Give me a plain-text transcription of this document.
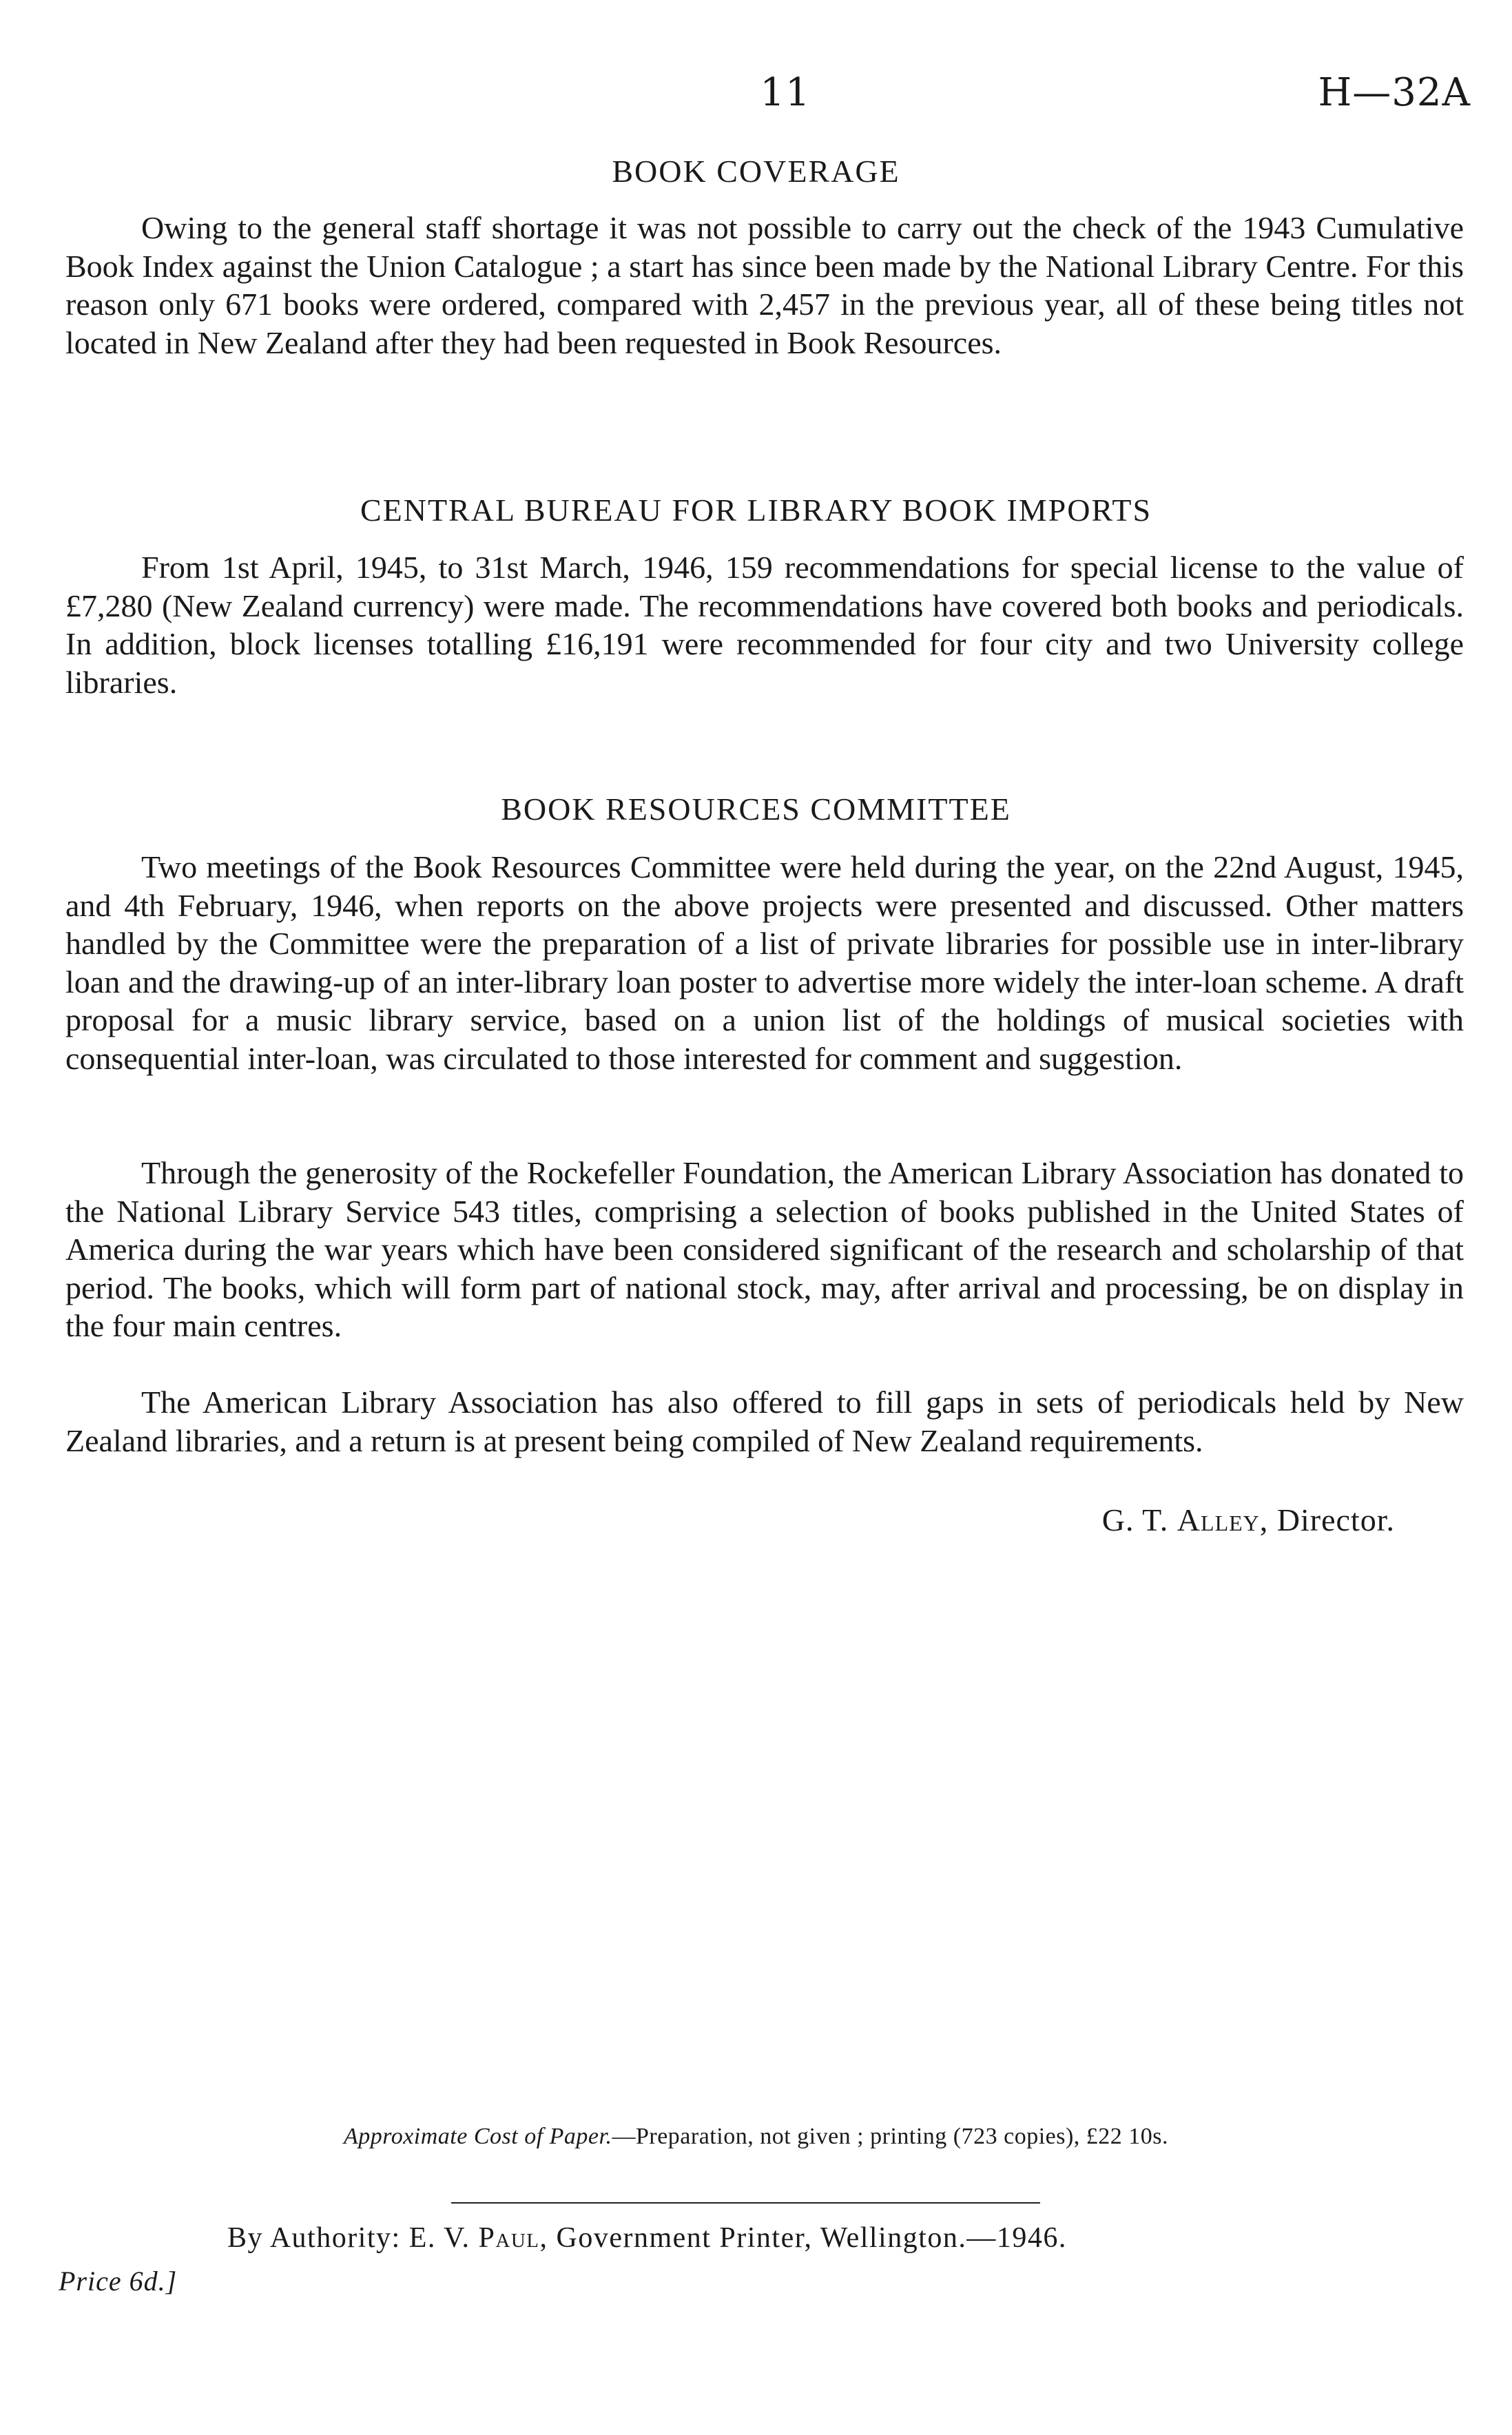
11	H—32A
BOOK COVERAGE

Owing to the general staff shortage it was not possible to carry out the check of the 1943 Cumulative Book Index against the Union Catalogue ; a start has since been made by the National Library Centre. For this reason only 671 books were ordered, compared with 2,457 in the previous year, all of these being titles not located in New Zealand after they had been requested in Book Resources.

CENTRAL BUREAU FOR LIBRARY BOOK IMPORTS

From 1st April, 1945, to 31st March, 1946, 159 recommendations for special license to the value of £7,280 (New Zealand currency) were made. The recommendations have covered both books and periodicals. In addition, block licenses totalling £16,191 were recommended for four city and two University college libraries.

BOOK RESOURCES COMMITTEE

Two meetings of the Book Resources Committee were held during the year, on the 22nd August, 1945, and 4th February, 1946, when reports on the above projects were presented and discussed. Other matters handled by the Committee were the preparation of a list of private libraries for possible use in inter-library loan and the drawing-up of an inter-library loan poster to advertise more widely the inter-loan scheme. A draft proposal for a music library service, based on a union list of the holdings of musical societies with consequential inter-loan, was circulated to those interested for comment and suggestion.

Through the generosity of the Rockefeller Foundation, the American Library Association has donated to the National Library Service 543 titles, comprising a selection of books published in the United States of America during the war years which have been considered significant of the research and scholarship of that period. The books, which will form part of national stock, may, after arrival and processing, be on display in the four main centres.

The American Library Association has also offered to fill gaps in sets of periodicals held by New Zealand libraries, and a return is at present being compiled of New Zealand requirements.

G. T. Alley, Director.
Approximate Cost of Paper.—Preparation, not given ; printing (723 copies), £22 10s.
By Authority: E. V. Paul, Government Printer, Wellington.—1946.
Price 6d.]
